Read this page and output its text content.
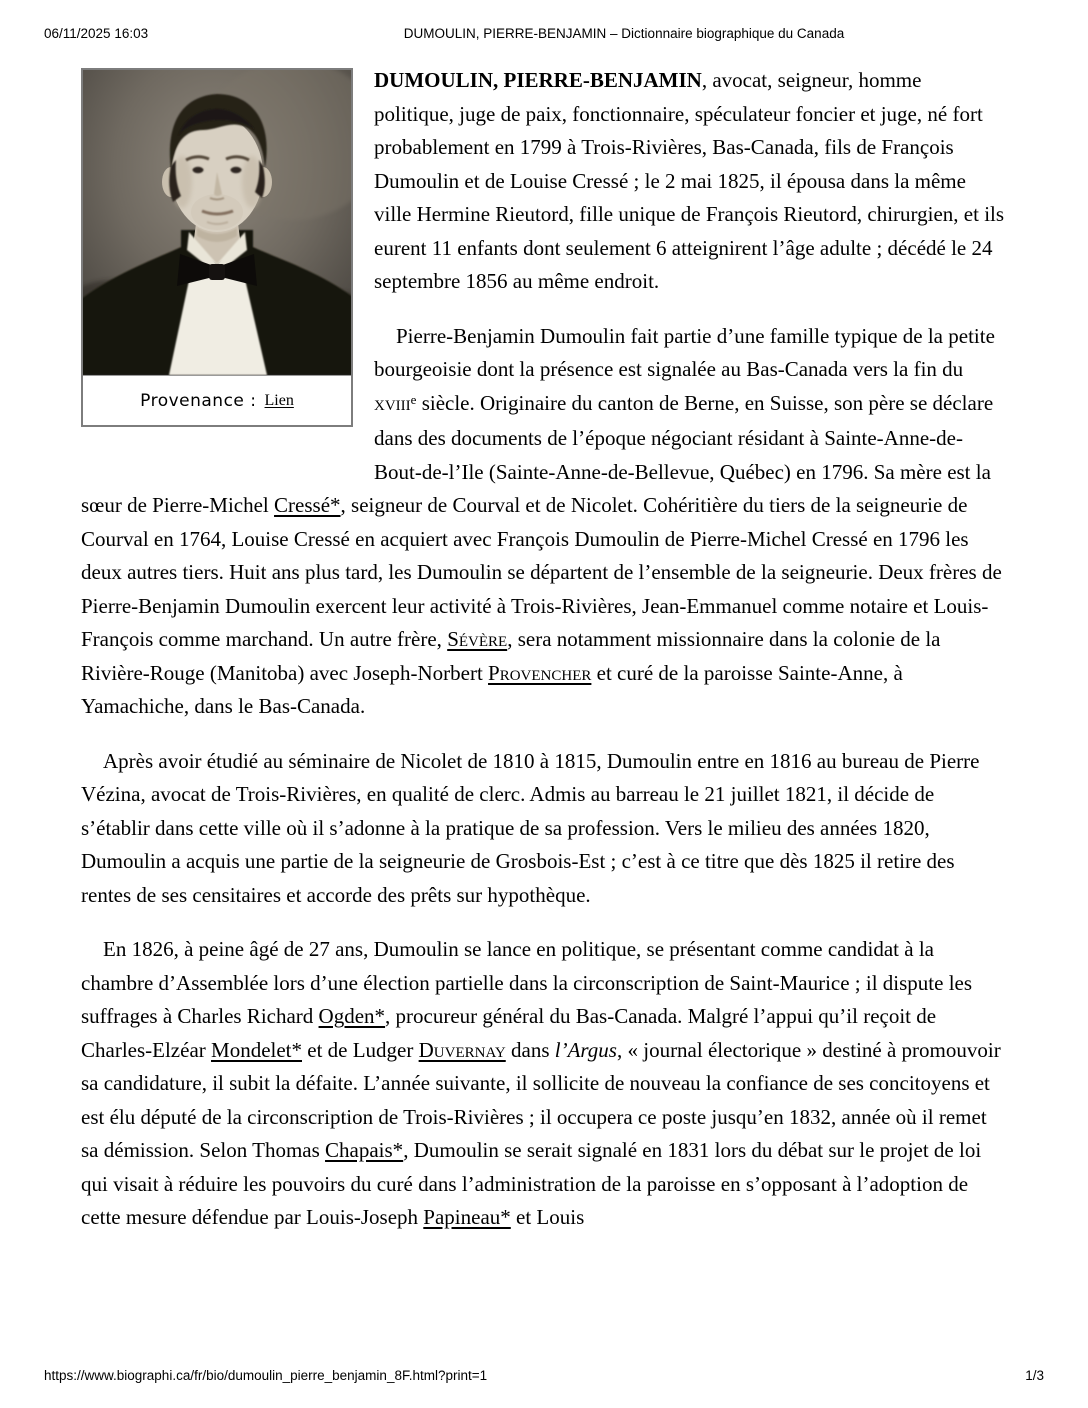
06/11/2025 16:03	DUMOULIN, PIERRE-BENJAMIN – Dictionnaire biographique du Canada
Provenance : Lien

DUMOULIN, PIERRE-BENJAMIN, avocat, seigneur, homme politique, juge de paix, fonctionnaire, spéculateur foncier et juge, né fort probablement en 1799 à Trois-Rivières, Bas-Canada, fils de François Dumoulin et de Louise Cressé ; le 2 mai 1825, il épousa dans la même ville Hermine Rieutord, fille unique de François Rieutord, chirurgien, et ils eurent 11 enfants dont seulement 6 atteignirent l’âge adulte ; décédé le 24 septembre 1856 au même endroit.

Pierre-Benjamin Dumoulin fait partie d’une famille typique de la petite bourgeoisie dont la présence est signalée au Bas-Canada vers la fin du xviii$^e$ siècle. Originaire du canton de Berne, en Suisse, son père se déclare dans des documents de l’époque négociant résidant à Sainte-Anne-de-Bout-de-l’Ile (Sainte-Anne-de-Bellevue, Québec) en 1796. Sa mère est la sœur de Pierre-Michel Cressé*, seigneur de Courval et de Nicolet. Cohéritière du tiers de la seigneurie de Courval en 1764, Louise Cressé en acquiert avec François Dumoulin de Pierre-Michel Cressé en 1796 les deux autres tiers. Huit ans plus tard, les Dumoulin se départent de l’ensemble de la seigneurie. Deux frères de Pierre-Benjamin Dumoulin exercent leur activité à Trois-Rivières, Jean-Emmanuel comme notaire et Louis-François comme marchand. Un autre frère, Sévère, sera notamment missionnaire dans la colonie de la Rivière-Rouge (Manitoba) avec Joseph-Norbert Provencher et curé de la paroisse Sainte-Anne, à Yamachiche, dans le Bas-Canada.

Après avoir étudié au séminaire de Nicolet de 1810 à 1815, Dumoulin entre en 1816 au bureau de Pierre Vézina, avocat de Trois-Rivières, en qualité de clerc. Admis au barreau le 21 juillet 1821, il décide de s’établir dans cette ville où il s’adonne à la pratique de sa profession. Vers le milieu des années 1820, Dumoulin a acquis une partie de la seigneurie de Grosbois-Est ; c’est à ce titre que dès 1825 il retire des rentes de ses censitaires et accorde des prêts sur hypothèque.

En 1826, à peine âgé de 27 ans, Dumoulin se lance en politique, se présentant comme candidat à la chambre d’Assemblée lors d’une élection partielle dans la circonscription de Saint-Maurice ; il dispute les suffrages à Charles Richard Ogden*, procureur général du Bas-Canada. Malgré l’appui qu’il reçoit de Charles-Elzéar Mondelet* et de Ludger Duvernay dans l’Argus, « journal électorique » destiné à promouvoir sa candidature, il subit la défaite. L’année suivante, il sollicite de nouveau la confiance de ses concitoyens et est élu député de la circonscription de Trois-Rivières ; il occupera ce poste jusqu’en 1832, année où il remet sa démission. Selon Thomas Chapais*, Dumoulin se serait signalé en 1831 lors du débat sur le projet de loi qui visait à réduire les pouvoirs du curé dans l’administration de la paroisse en s’opposant à l’adoption de cette mesure défendue par Louis-Joseph Papineau* et Louis

https://www.biographi.ca/fr/bio/dumoulin_pierre_benjamin_8F.html?print=1	1/3
